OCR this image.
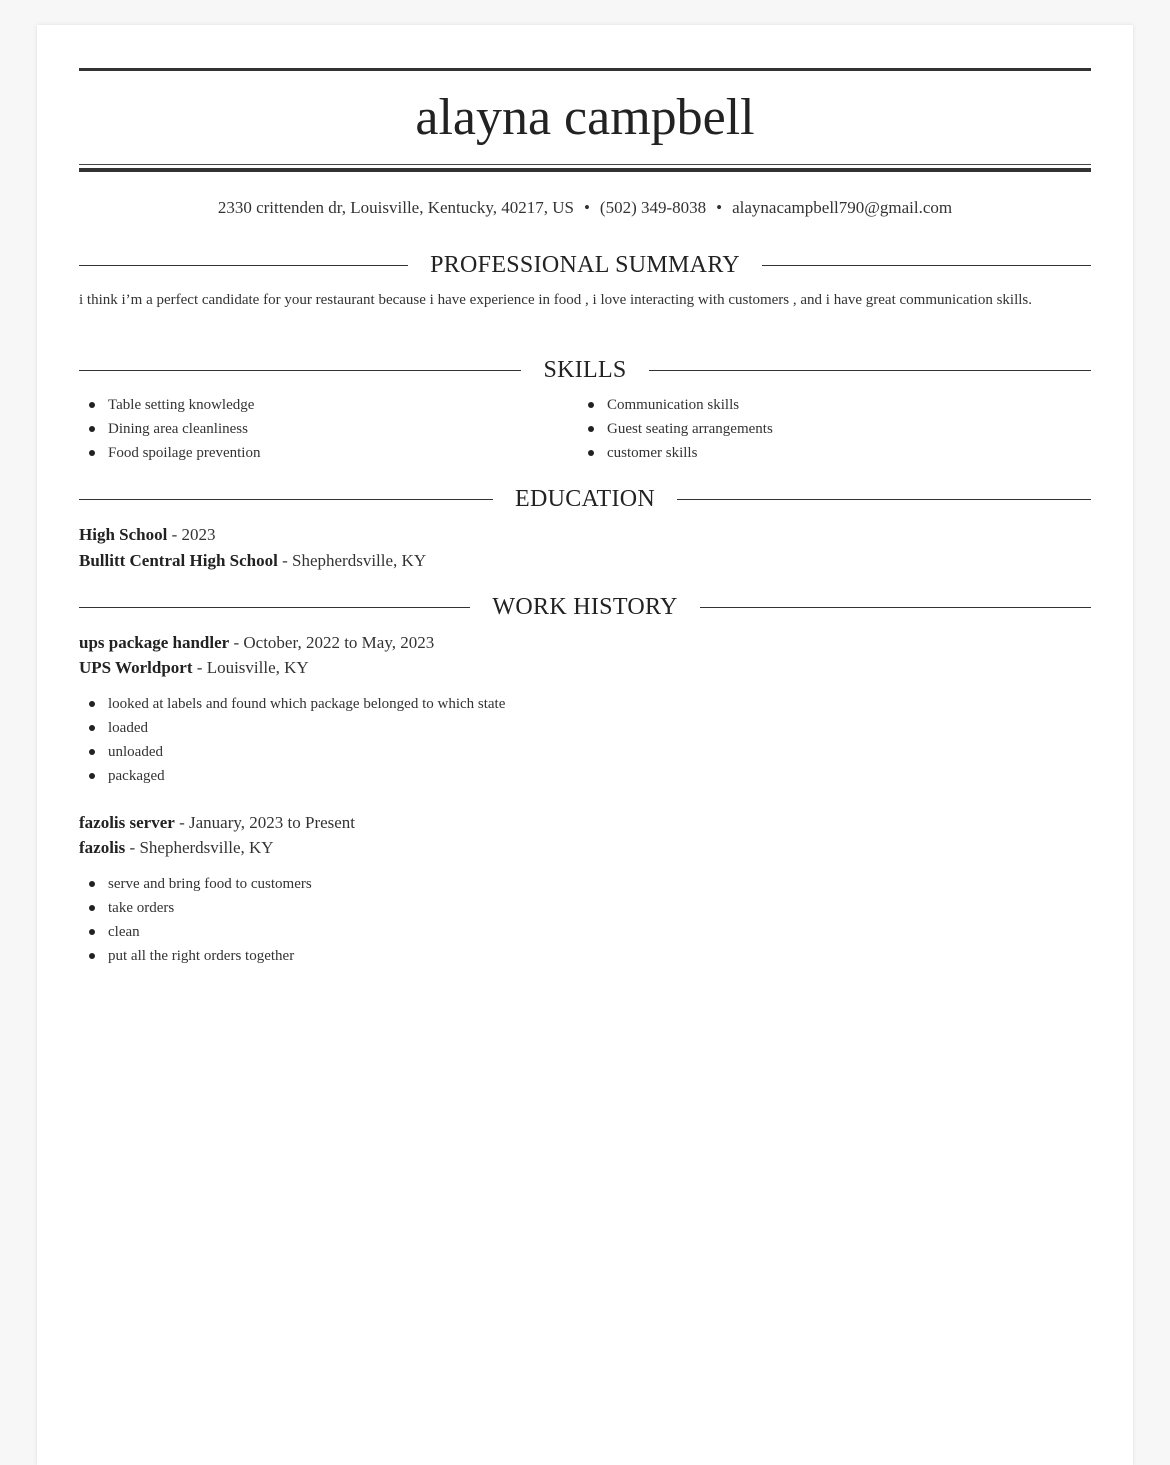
alayna campbell
2330 crittenden dr, Louisville, Kentucky, 40217, US • (502) 349-8038 • alaynacampbell790@gmail.com
PROFESSIONAL SUMMARY
i think i’m a perfect candidate for your restaurant because i have experience in food , i love interacting with customers , and i have great communication skills.
SKILLS
Table setting knowledge
Dining area cleanliness
Food spoilage prevention
Communication skills
Guest seating arrangements
customer skills
EDUCATION
High School - 2023
Bullitt Central High School - Shepherdsville, KY
WORK HISTORY
ups package handler - October, 2022 to May, 2023
UPS Worldport - Louisville, KY
looked at labels and found which package belonged to which state
loaded
unloaded
packaged
fazolis server - January, 2023 to Present
fazolis - Shepherdsville, KY
serve and bring food to customers
take orders
clean
put all the right orders together
